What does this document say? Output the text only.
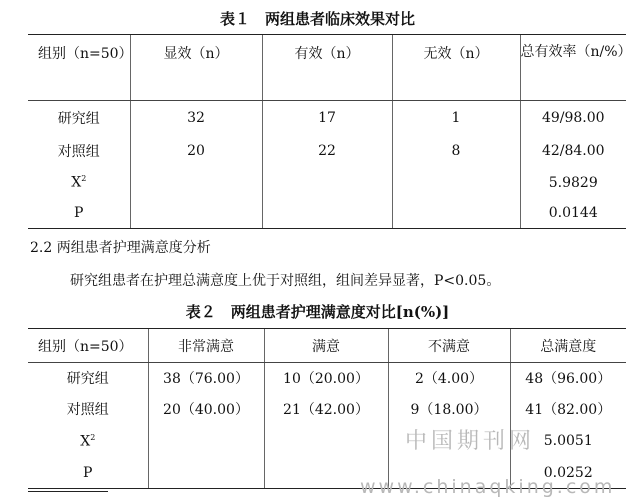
表１　两组患者临床效果对比
组别（n=50）	显效（n）	有效（n）	无效（n）	总有效率（n/%）
研究组	32	17	1	49/98.00
对照组	20	22	8	42/84.00
$X^2$				5.9829
P				0.0144
2.2 两组患者护理满意度分析
研究组患者在护理总满意度上优于对照组，组间差异显著，P<0.05。
表２　两组患者护理满意度对比[n(%)]
组别（n=50）	非常满意	满意	不满意	总满意度
研究组	38（76.00）	10（20.00）	2（4.00）	48（96.00）
对照组	20（40.00）	21（42.00）	9（18.00）	41（82.00）
$X^2$				5.0051
P				0.0252
中国期刊网
www.chinaqking.com
